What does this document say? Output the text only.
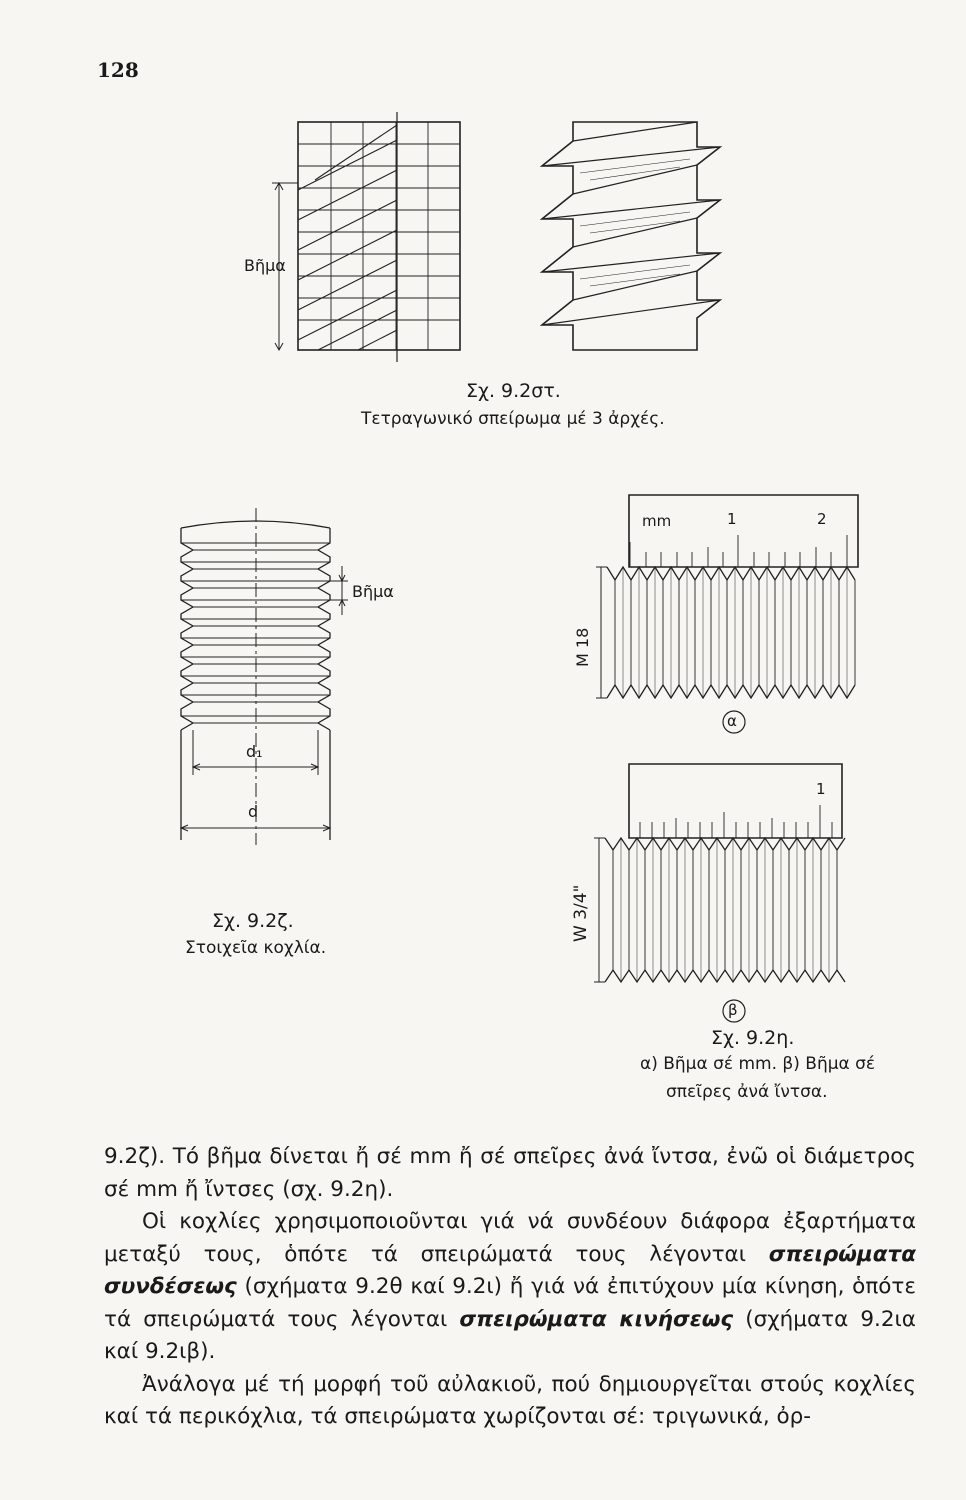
128
Βῆμα
Σχ. 9.2στ.
Τετραγωνικό σπείρωμα μέ 3 ἀρχές.
Βῆμα
d₁
d
Σχ. 9.2ζ.
Στοιχεῖα κοχλία.
mm	1	2
M 18
α
1
W 3/4"
β
Σχ. 9.2η.
α) Βῆμα σέ mm. β) Βῆμα σέ
σπεῖρες ἀνά ἴντσα.

9.2ζ). Τό βῆμα δίνεται ἤ σέ mm ἤ σέ σπεῖρες ἀνά ἴντσα, ἐνῶ οἱ διάμετρος σέ mm ἤ ἴντσες (σχ. 9.2η).

Οἱ κοχλίες χρησιμοποιοῦνται γιά νά συνδέουν διάφορα ἐξαρτήματα μεταξύ τους, ὁπότε τά σπειρώματά τους λέγονται σπειρώματα συνδέσεως (σχήματα 9.2θ καί 9.2ι) ἤ γιά νά ἐπιτύχουν μία κίνηση, ὁπότε τά σπειρώματά τους λέγονται σπειρώματα κινήσεως (σχήματα 9.2ια καί 9.2ιβ).

Ἀνάλογα μέ τή μορφή τοῦ αὐλακιοῦ, πού δημιουργεῖται στούς κοχλίες καί τά περικόχλια, τά σπειρώματα χωρίζονται σέ: τριγωνικά, ὀρ-
